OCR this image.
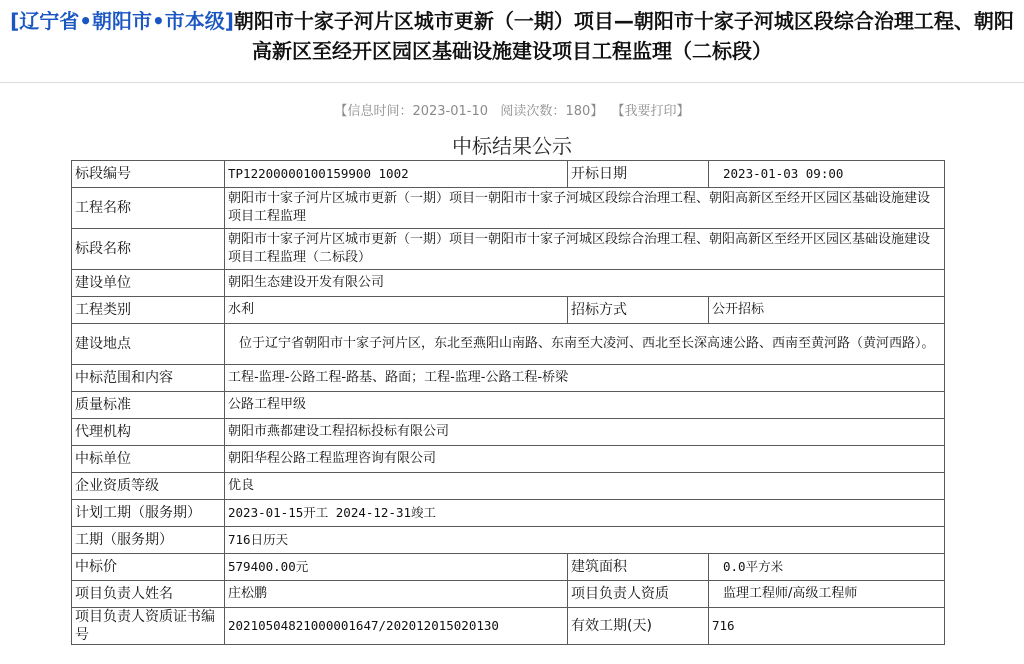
[辽宁省•朝阳市•市本级]朝阳市十家子河片区城市更新（一期）项目—朝阳市十家子河城区段综合治理工程、朝阳高新区至经开区园区基础设施建设项目工程监理（二标段）
【信息时间：2023-01-10 阅读次数：180】 【我要打印】
中标结果公示
标段编号	TP12200000100159900 1002	开标日期	2023-01-03 09:00
工程名称	朝阳市十家子河片区城市更新（一期）项目一朝阳市十家子河城区段综合治理工程、朝阳高新区至经开区园区基础设施建设项目工程监理		
标段名称	朝阳市十家子河片区城市更新（一期）项目一朝阳市十家子河城区段综合治理工程、朝阳高新区至经开区园区基础设施建设项目工程监理（二标段）		
建设单位	朝阳生态建设开发有限公司		
工程类别	水利	招标方式	公开招标
建设地点	位于辽宁省朝阳市十家子河片区，东北至燕阳山南路、东南至大凌河、西北至长深高速公路、西南至黄河路（黄河西路）。		
中标范围和内容	工程-监理-公路工程-路基、路面；工程-监理-公路工程-桥梁		
质量标准	公路工程甲级		
代理机构	朝阳市燕都建设工程招标投标有限公司		
中标单位	朝阳华程公路工程监理咨询有限公司		
企业资质等级	优良		
计划工期（服务期）	2023-01-15开工 2024-12-31竣工		
工期（服务期）	716日历天		
中标价	579400.00元	建筑面积	0.0平方米
项目负责人姓名	庄松鹏	项目负责人资质	监理工程师/高级工程师
项目负责人资质证书编号	20210504821000001647/202012015020130	有效工期(天)	716
